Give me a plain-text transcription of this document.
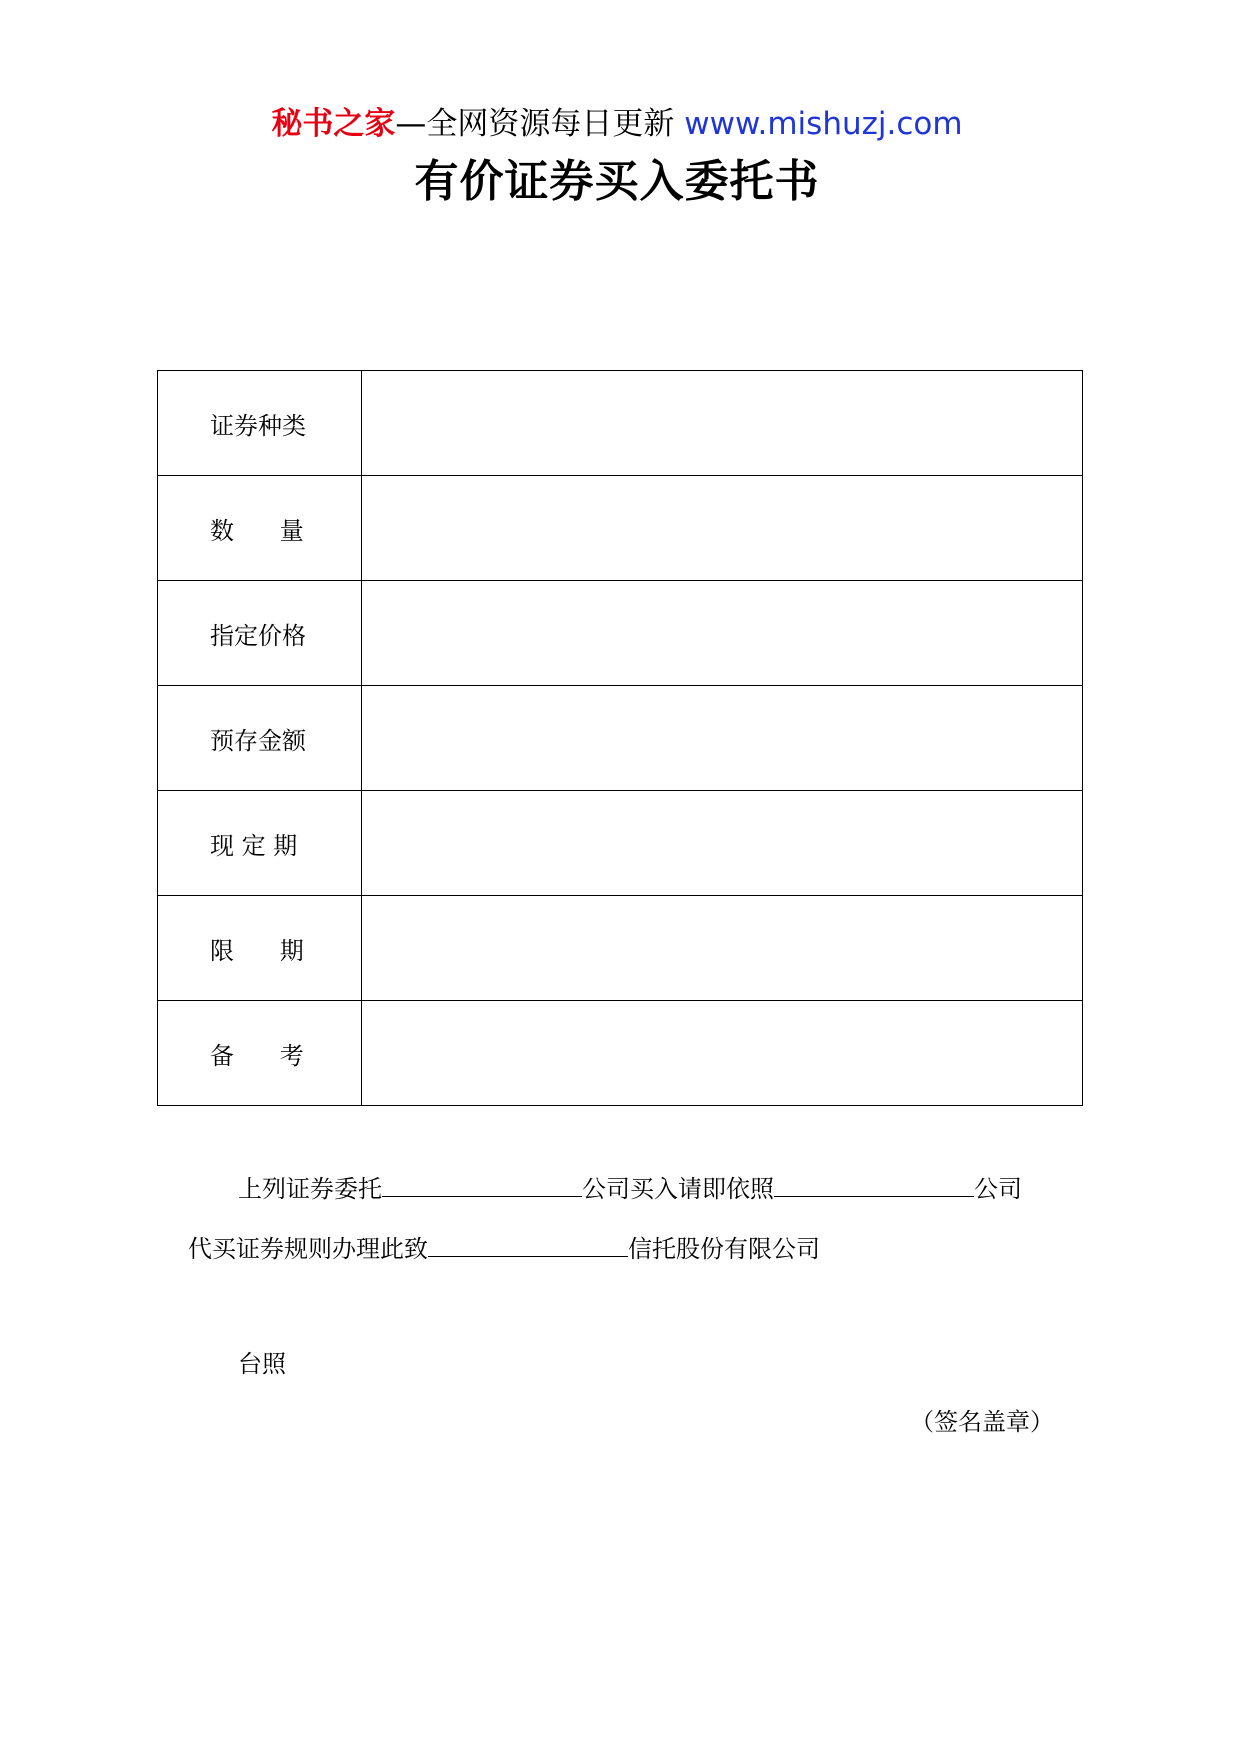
秘书之家—全网资源每日更新 www.mishuzj.com
有价证券买入委托书
证券种类	
数      量	
指定价格	
预存金额	
现 定 期	
限      期	
备      考	
上列证券委托	公司买入请即依照	公司
代买证券规则办理此致	信托股份有限公司
台照
（签名盖章）
